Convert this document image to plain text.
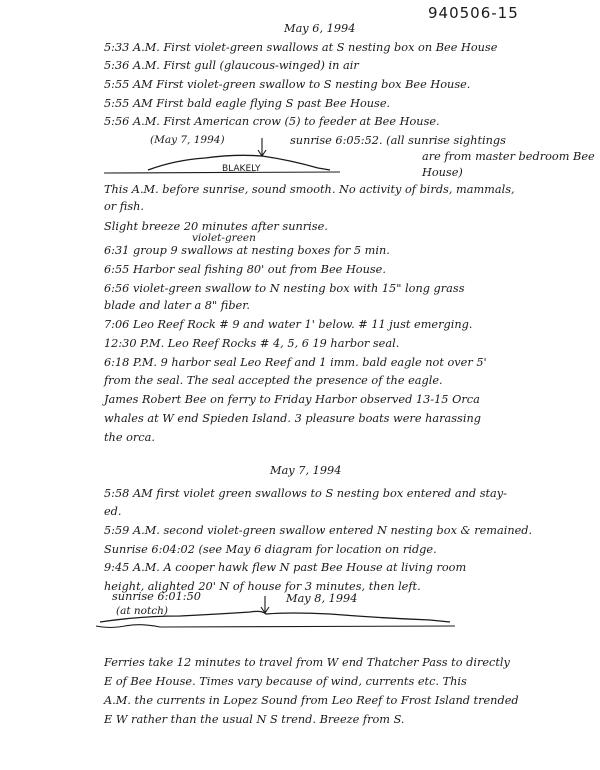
940506-15
May 6, 1994
5:33 A.M. First violet-green swallows at S nesting box on Bee House
5:36 A.M. First gull (glaucous-winged) in air
5:55 AM First violet-green swallow to S nesting box Bee House.
5:55 AM First bald eagle flying S past Bee House.
5:56 A.M. First American crow (5) to feeder at Bee House.
(May 7, 1994)	sunrise 6:05:52. (all sunrise sightings
are from master bedroom Bee
House)
BLAKELY
This A.M. before sunrise, sound smooth. No activity of birds, mammals,
or fish.
Slight breeze 20 minutes after sunrise.
violet-green
6:31 group 9 swallows at nesting boxes for 5 min.
6:55 Harbor seal fishing 80' out from Bee House.
6:56 violet-green swallow to N nesting box with 15" long grass
blade and later a 8" fiber.
7:06 Leo Reef Rock # 9 and water 1' below. # 11 just emerging.
12:30 P.M. Leo Reef Rocks # 4, 5, 6 19 harbor seal.
6:18 P.M. 9 harbor seal Leo Reef and 1 imm. bald eagle not over 5'
from the seal. The seal accepted the presence of the eagle.
James Robert Bee on ferry to Friday Harbor observed 13-15 Orca
whales at W end Spieden Island. 3 pleasure boats were harassing
the orca.
May 7, 1994
5:58 AM first violet green swallows to S nesting box entered and stay-
ed.
5:59 A.M. second violet-green swallow entered N nesting box & remained.
Sunrise 6:04:02 (see May 6 diagram for location on ridge.
9:45 A.M. A cooper hawk flew N past Bee House at living room
height, alighted 20' N of house for 3 minutes, then left.
sunrise 6:01:50
(at notch)
May 8, 1994
Ferries take 12 minutes to travel from W end Thatcher Pass to directly
E of Bee House. Times vary because of wind, currents etc. This
A.M. the currents in Lopez Sound from Leo Reef to Frost Island trended
E W rather than the usual N S trend. Breeze from S.
